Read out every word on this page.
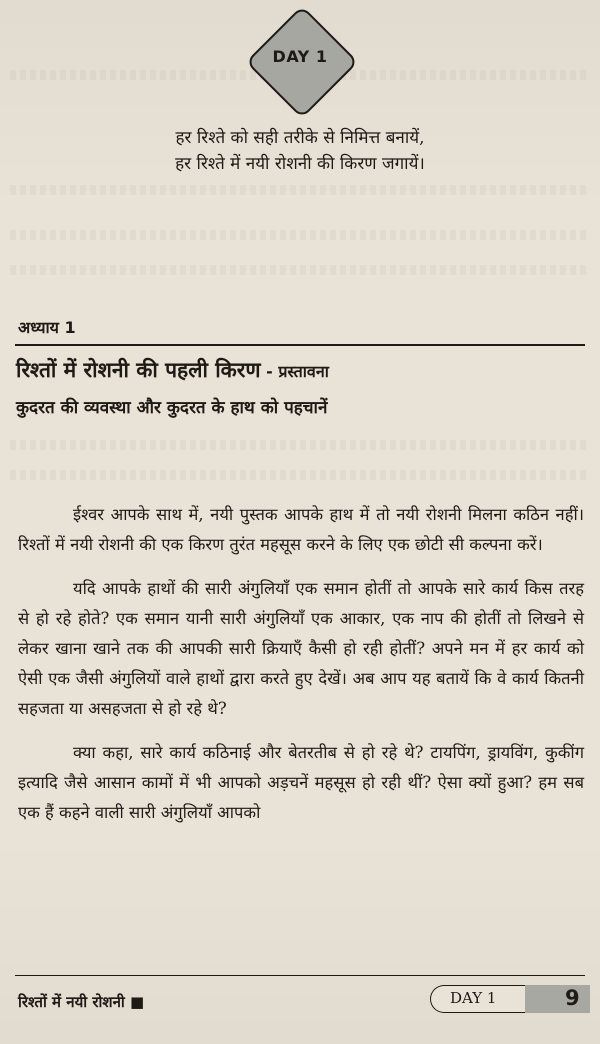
DAY 1
हर रिश्ते को सही तरीके से निमित्त बनायें,
हर रिश्ते में नयी रोशनी की किरण जगायें।
अध्याय 1
रिश्तों में रोशनी की पहली किरण - प्रस्तावना
कुदरत की व्यवस्था और कुदरत के हाथ को पहचानें

ईश्वर आपके साथ में, नयी पुस्तक आपके हाथ में तो नयी रोशनी मिलना कठिन नहीं। रिश्तों में नयी रोशनी की एक किरण तुरंत महसूस करने के लिए एक छोटी सी कल्पना करें।

यदि आपके हाथों की सारी अंगुलियाँ एक समान होतीं तो आपके सारे कार्य किस तरह से हो रहे होते? एक समान यानी सारी अंगुलियाँ एक आकार, एक नाप की होतीं तो लिखने से लेकर खाना खाने तक की आपकी सारी क्रियाएँ कैसी हो रही होतीं? अपने मन में हर कार्य को ऐसी एक जैसी अंगुलियों वाले हाथों द्वारा करते हुए देखें। अब आप यह बतायें कि वे कार्य कितनी सहजता या असहजता से हो रहे थे?

क्या कहा, सारे कार्य कठिनाई और बेतरतीब से हो रहे थे? टायपिंग, ड्रायविंग, कुकींग इत्यादि जैसे आसान कामों में भी आपको अड़चनें महसूस हो रही थीं? ऐसा क्यों हुआ? हम सब एक हैं कहने वाली सारी अंगुलियाँ आपको

रिश्तों में नयी रोशनी ■	DAY 1	9
